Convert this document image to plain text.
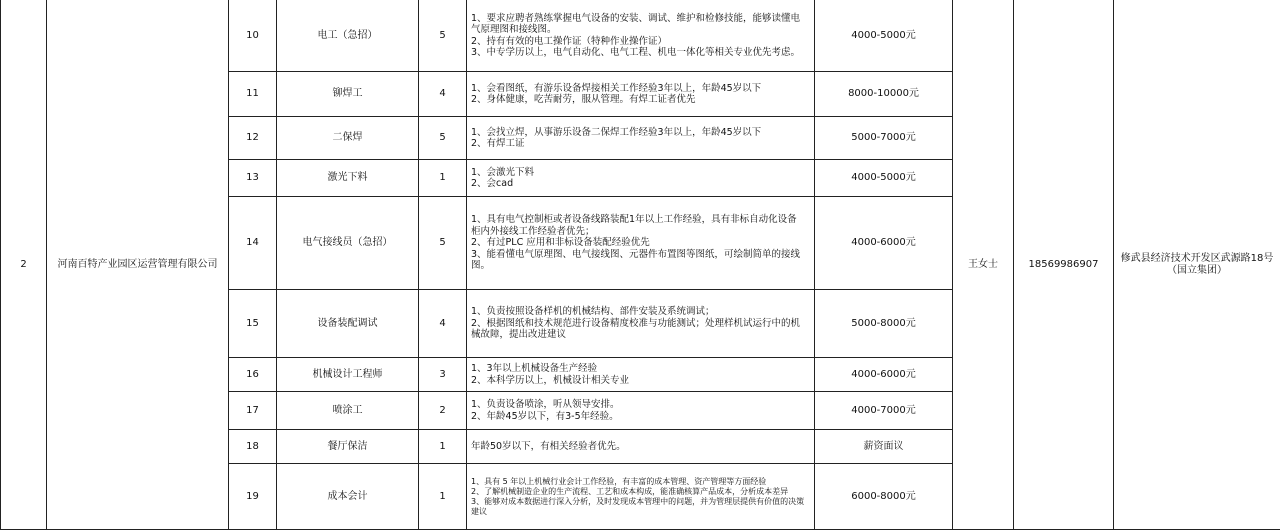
2	河南百特产业园区运营管理有限公司	10	电工（急招）	5	1、要求应聘者熟练掌握电气设备的安装、调试、维护和检修技能，能够读懂电气原理图和接线图。
2、持有有效的电工操作证（特种作业操作证）
3、中专学历以上，电气自动化、电气工程、机电一体化等相关专业优先考虑。	4000-5000元	王女士	18569986907	修武县经济技术开发区武源路18号（国立集团）
		11	铆焊工	4	1、会看图纸，有游乐设备焊接相关工作经验3年以上，年龄45岁以下
2、身体健康，吃苦耐劳，服从管理。有焊工证者优先	8000-10000元			
		12	二保焊	5	1、会找立焊，从事游乐设备二保焊工作经验3年以上，年龄45岁以下
2、有焊工证	5000-7000元			
		13	激光下料	1	1、会激光下料
2、会cad	4000-5000元			
		14	电气接线员（急招）	5	1、具有电气控制柜或者设备线路装配1年以上工作经验，具有非标自动化设备柜内外接线工作经验者优先；
2、有过PLC 应用和非标设备装配经验优先
3、能看懂电气原理图、电气接线图、元器件布置图等图纸，可绘制简单的接线图。	4000-6000元			
		15	设备装配调试	4	1、负责按照设备样机的机械结构、部件安装及系统调试；
2、根据图纸和技术规范进行设备精度校准与功能测试；处理样机试运行中的机械故障，提出改进建议	5000-8000元			
		16	机械设计工程师	3	1、3年以上机械设备生产经验
2、本科学历以上，机械设计相关专业	4000-6000元			
		17	喷涂工	2	1、负责设备喷涂，听从领导安排。
2、年龄45岁以下，有3-5年经验。	4000-7000元			
		18	餐厅保洁	1	年龄50岁以下，有相关经验者优先。	薪资面议			
		19	成本会计	1	1、具有 5 年以上机械行业会计工作经验，有丰富的成本管理、资产管理等方面经验
2、了解机械制造企业的生产流程、工艺和成本构成，能准确核算产品成本，分析成本差异
3、能够对成本数据进行深入分析，及时发现成本管理中的问题，并为管理层提供有价值的决策建议	6000-8000元			
